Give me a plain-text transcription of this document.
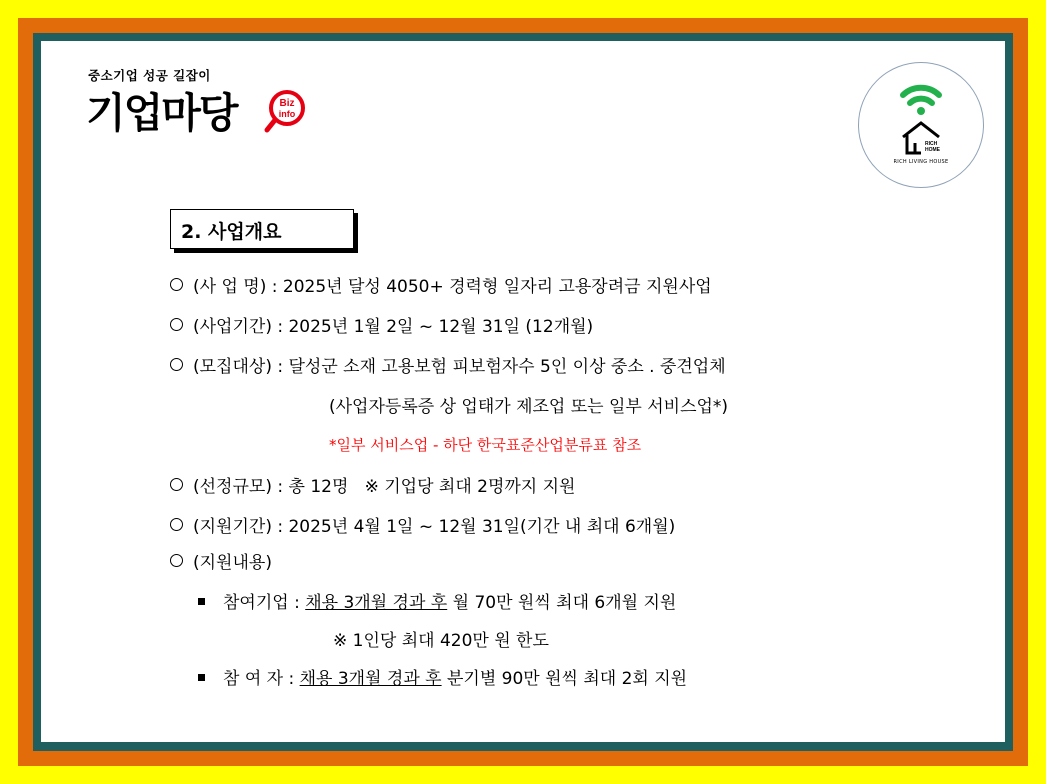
중소기업 성공 길잡이
기업마당	Biz
info
RICH
HOME
RICH LIVING HOUSE
2. 사업개요
(사 업 명) : 2025년 달성 4050+ 경력형 일자리 고용장려금 지원사업
(사업기간) : 2025년 1월 2일 ~ 12월 31일 (12개월)
(모집대상) : 달성군 소재 고용보험 피보험자수 5인 이상 중소 . 중견업체
(사업자등록증 상 업태가 제조업 또는 일부 서비스업*)
*일부 서비스업 - 하단 한국표준산업분류표 참조
(선정규모) : 총 12명   ※ 기업당 최대 2명까지 지원
(지원기간) : 2025년 4월 1일 ~ 12월 31일(기간 내 최대 6개월)
(지원내용)
참여기업 : 채용 3개월 경과 후 월 70만 원씩 최대 6개월 지원
※ 1인당 최대 420만 원 한도
참 여 자 : 채용 3개월 경과 후 분기별 90만 원씩 최대 2회 지원
